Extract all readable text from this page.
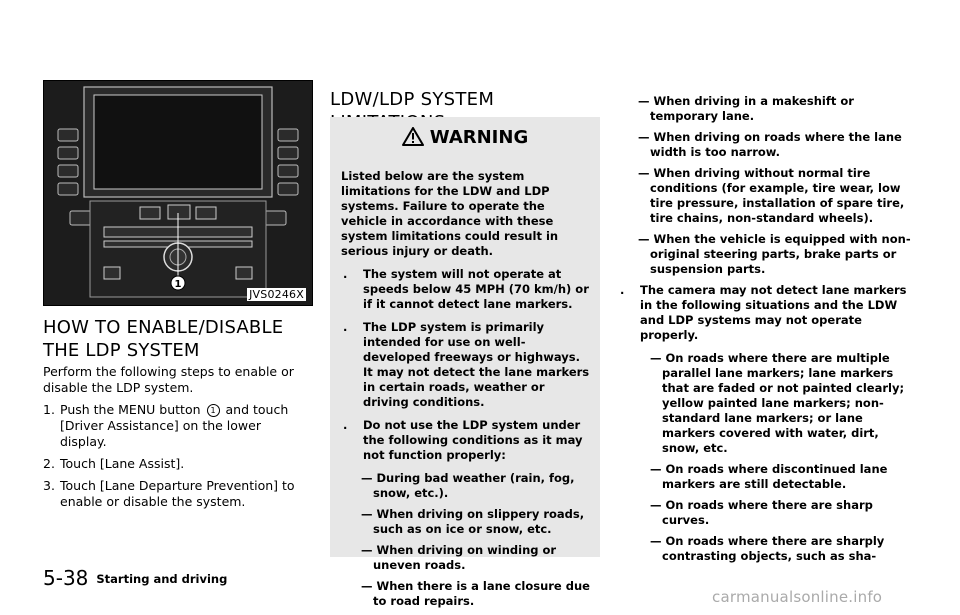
1
JVS0246X
HOW TO ENABLE/DISABLE THE LDP SYSTEM

Perform the following steps to enable or disable the LDP system.

1. Push the MENU button 1 and touch [Driver Assistance] on the lower display.
2. Touch [Lane Assist].
3. Touch [Lane Departure Prevention] to enable or disable the system.
LDW/LDP SYSTEM
WARNING

Listed below are the system limitations for the LDW and LDP systems. Failure to operate the vehicle in accordance with these system limitations could result in serious injury or death.

. The system will not operate at speeds below 45 MPH (70 km/h) or if it cannot detect lane markers.
. The LDP system is primarily intended for use on well-developed freeways or highways. It may not detect the lane markers in certain roads, weather or driving conditions.
. Do not use the LDP system under the following conditions as it may not function properly:
— During bad weather (rain, fog, snow, etc.).
— When driving on slippery roads, such as on ice or snow, etc.
— When driving on winding or uneven roads.
— When there is a lane closure due to road repairs.
— When driving in a makeshift or temporary lane.
— When driving on roads where the lane width is too narrow.
— When driving without normal tire conditions (for example, tire wear, low tire pressure, installation of spare tire, tire chains, non-standard wheels).
— When the vehicle is equipped with non-original steering parts, brake parts or suspension parts.
. The camera may not detect lane markers in the following situations and the LDW and LDP systems may not operate properly.
— On roads where there are multiple parallel lane markers; lane markers that are faded or not painted clearly; yellow painted lane markers; non-standard lane markers; or lane markers covered with water, dirt, snow, etc.
— On roads where discontinued lane markers are still detectable.
— On roads where there are sharp curves.
— On roads where there are sharply contrasting objects, such as sha-
5-38 Starting and driving
carmanualsonline.info
